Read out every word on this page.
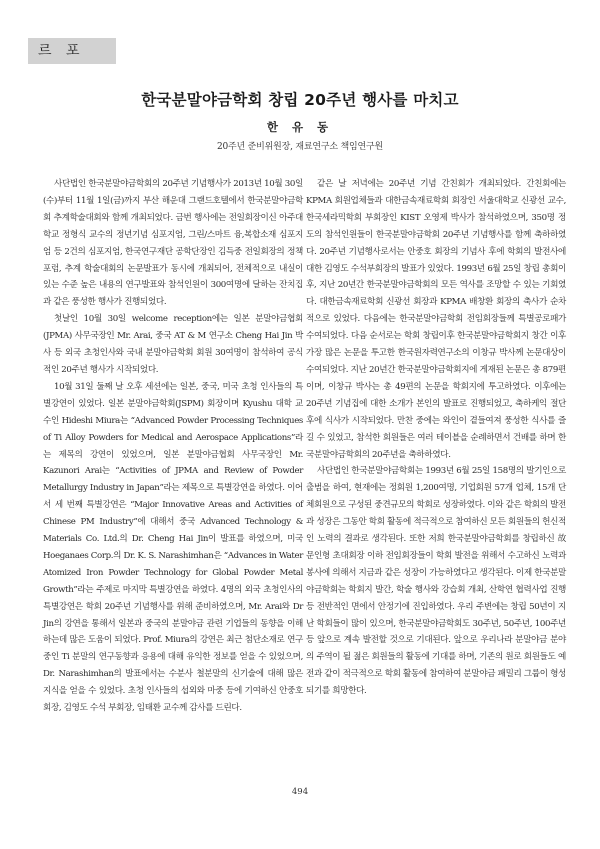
르 포
한국분말야금학회 창립 20주년 행사를 마치고
한 유 동
20주년 준비위원장, 재료연구소 책임연구원

사단법인 한국분말야금학회의 20주년 기념행사가 2013년 10월 30일(수)부터 11월 1일(금)까지 부산 해운대 그랜드호텔에서 한국분말야금학회 추계학술대회와 함께 개최되었다. 금번 행사에는 전일회장이신 아주대학교 정형식 교수의 정년기념 심포지엄, 그린/스마트 융,복합소재 심포지엄 등 2건의 심포지엄, 한국연구재단 공학단장인 김득중 전일회장의 정책포럼, 추계 학술대회의 논문발표가 동시에 개최되어, 전체적으로 내실이 있는 수준 높은 내용의 연구발표와 참석인원이 300여명에 달하는 잔치집과 같은 풍성한 행사가 진행되었다.

첫날인 10월 30일 welcome reception에는 일본 분말야금협회(JPMA) 사무국장인 Mr. Arai, 중국 AT & M 연구소 Cheng Hai Jin 박사 등 외국 초청인사와 국내 분말야금학회 회원 30여명이 참석하여 공식적인 20주년 행사가 시작되었다.

10월 31일 둘째 날 오후 세션에는 일본, 중국, 미국 초청 인사들의 특별강연이 있었다. 일본 분말야금학회(JSPM) 회장이며 Kyushu 대학 교수인 Hideshi Miura는 “Advanced Powder Processing Techniques of Ti Alloy Powders for Medical and Aerospace Applications”라는 제목의 강연이 있었으며, 일본 분말야금협회 사무국장인 Mr. Kazunori Arai는 “Activities of JPMA and Review of Powder Metallurgy Industry in Japan”라는 제목으로 특별강연을 하였다. 이어서 세 번째 특별강연은 “Major Innovative Areas and Activities of Chinese PM Industry”에 대해서 중국 Advanced Technology & Materials Co. Ltd.의 Dr. Cheng Hai Jin이 발표를 하였으며, 미국 Hoeganaes Corp.의 Dr. K. S. Narashimhan은 “Advances in Water Atomized Iron Powder Technology for Global Powder Metal Growth”라는 주제로 마지막 특별강연을 하였다. 4명의 외국 초청인사의 특별강연은 학회 20주년 기념행사를 위해 준비하였으며, Mr. Arai와 Dr Jin의 강연을 통해서 일본과 중국의 분말야금 관련 기업들의 동향을 이해하는데 많은 도움이 되었다. Prof. Miura의 강연은 최근 첨단소재로 연구 중인 Ti 분말의 연구동향과 응용에 대해 유익한 정보를 얻을 수 있었으며, Dr. Narashimhan의 발표에서는 수분사 철분말의 신기술에 대해 많은 지식을 얻을 수 있었다. 초청 인사들의 섭외와 마중 등에 기여하신 안중호 회장, 김영도 수석 부회장, 임태환 교수께 감사를 드린다.

같은 날 저녁에는 20주년 기념 간친회가 개최되었다. 간친회에는 KPMA 회원업체들과 대한금속재료학회 회장인 서울대학교 신광선 교수, 한국세라믹학회 부회장인 KIST 오영제 박사가 참석하였으며, 350명 정도의 참석인원들이 한국분말야금학회 20주년 기념행사를 함께 축하하였다. 20주년 기념행사로서는 안중호 회장의 기념사 후에 학회의 발전사에 대한 김영도 수석부회장의 발표가 있었다. 1993년 6월 25일 창립 총회이후, 지난 20년간 한국분말야금학회의 모든 역사를 조망할 수 있는 기회였다. 대한금속재료학회 신광선 회장과 KPMA 배창환 회장의 축사가 순차적으로 있었다. 다음에는 한국분말야금학회 전임회장들께 특별공로패가 수여되었다. 다음 순서로는 학회 창립이후 한국분말야금학회지 창간 이후 가장 많은 논문을 투고한 한국원자력연구소의 이창규 박사께 논문대상이 수여되었다. 지난 20년간 한국분말야금학회지에 게재된 논문은 총 879편이며, 이창규 박사는 총 49편의 논문을 학회지에 투고하였다. 이후에는 20주년 기념집에 대한 소개가 본인의 발표로 진행되었고, 축하케익 절단 후에 식사가 시작되었다. 만찬 중에는 와인이 곁들여져 풍성한 식사를 즐길 수 있었고, 참석한 회원들은 여러 테이블을 순례하면서 건배를 하며 한국분말야금학회의 20주년을 축하하였다.

사단법인 한국분말야금학회는 1993년 6월 25일 158명의 발기인으로 출범을 하여, 현재에는 정회원 1,200여명, 기업회원 57개 업체, 15개 단체회원으로 구성된 중견규모의 학회로 성장하였다. 이와 같은 학회의 발전과 성장은 그동안 학회 활동에 적극적으로 참여하신 모든 회원들의 헌신적인 노력의 결과로 생각된다. 또한 저희 한국분말야금학회를 창립하신 故 문인형 초대회장 이하 전임회장들이 학회 발전을 위해서 수고하신 노력과 봉사에 의해서 지금과 같은 성장이 가능하였다고 생각된다. 이제 한국분말야금학회는 학회지 발간, 학술 행사와 강습회 개최, 산학연 협력사업 진행 등 전반적인 면에서 안정기에 진입하였다. 우리 주변에는 창립 50년이 지난 학회들이 많이 있으며, 한국분말야금학회도 30주년, 50주년, 100주년 등 앞으로 계속 발전할 것으로 기대된다. 앞으로 우리나라 분말야금 분야의 주역이 될 젊은 회원들의 활동에 기대를 하며, 기존의 원로 회원들도 예전과 같이 적극적으로 학회 활동에 참여하여 분말야금 패밀리 그룹이 형성되기를 희망한다.

494
